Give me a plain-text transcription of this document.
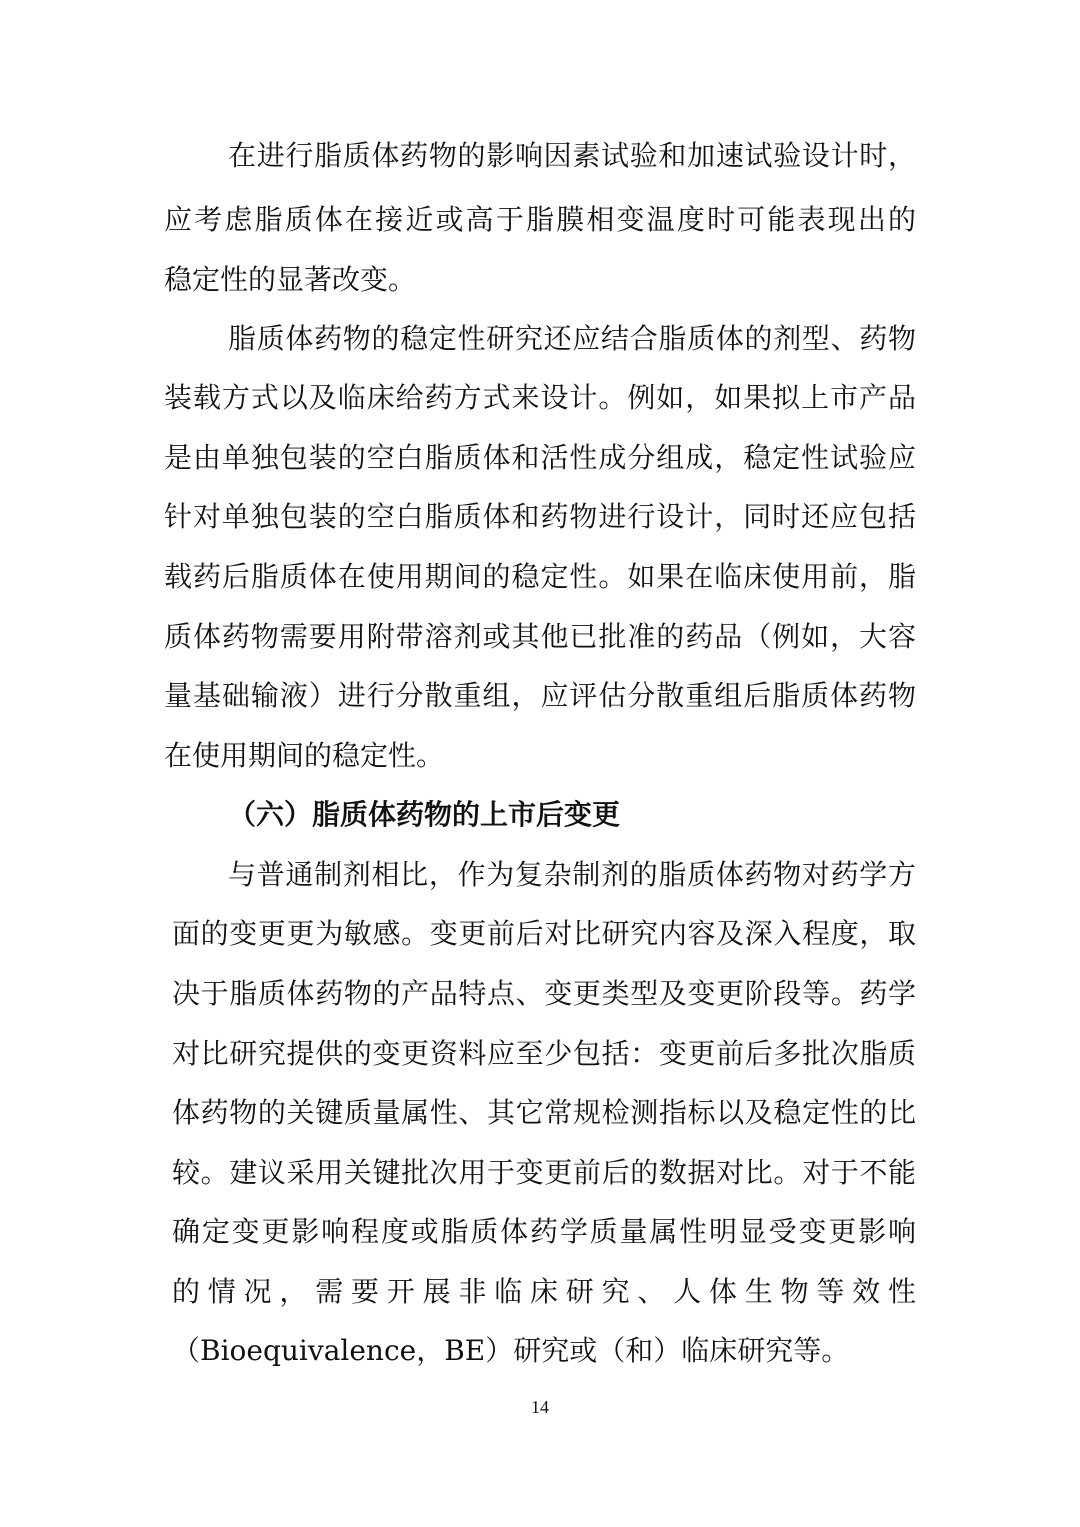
在进行脂质体药物的影响因素试验和加速试验设计时，
应考虑脂质体在接近或高于脂膜相变温度时可能表现出的
稳定性的显著改变。
脂质体药物的稳定性研究还应结合脂质体的剂型、药物
装载方式以及临床给药方式来设计。例如，如果拟上市产品
是由单独包装的空白脂质体和活性成分组成，稳定性试验应
针对单独包装的空白脂质体和药物进行设计，同时还应包括
载药后脂质体在使用期间的稳定性。如果在临床使用前，脂
质体药物需要用附带溶剂或其他已批准的药品（例如，大容
量基础输液）进行分散重组，应评估分散重组后脂质体药物
在使用期间的稳定性。
（六）脂质体药物的上市后变更
与普通制剂相比，作为复杂制剂的脂质体药物对药学方
面的变更更为敏感。变更前后对比研究内容及深入程度，取
决于脂质体药物的产品特点、变更类型及变更阶段等。药学
对比研究提供的变更资料应至少包括：变更前后多批次脂质
体药物的关键质量属性、其它常规检测指标以及稳定性的比
较。建议采用关键批次用于变更前后的数据对比。对于不能
确定变更影响程度或脂质体药学质量属性明显受变更影响
的情况，需要开展非临床研究、人体生物等效性
（Bioequivalence，BE）研究或（和）临床研究等。
14
